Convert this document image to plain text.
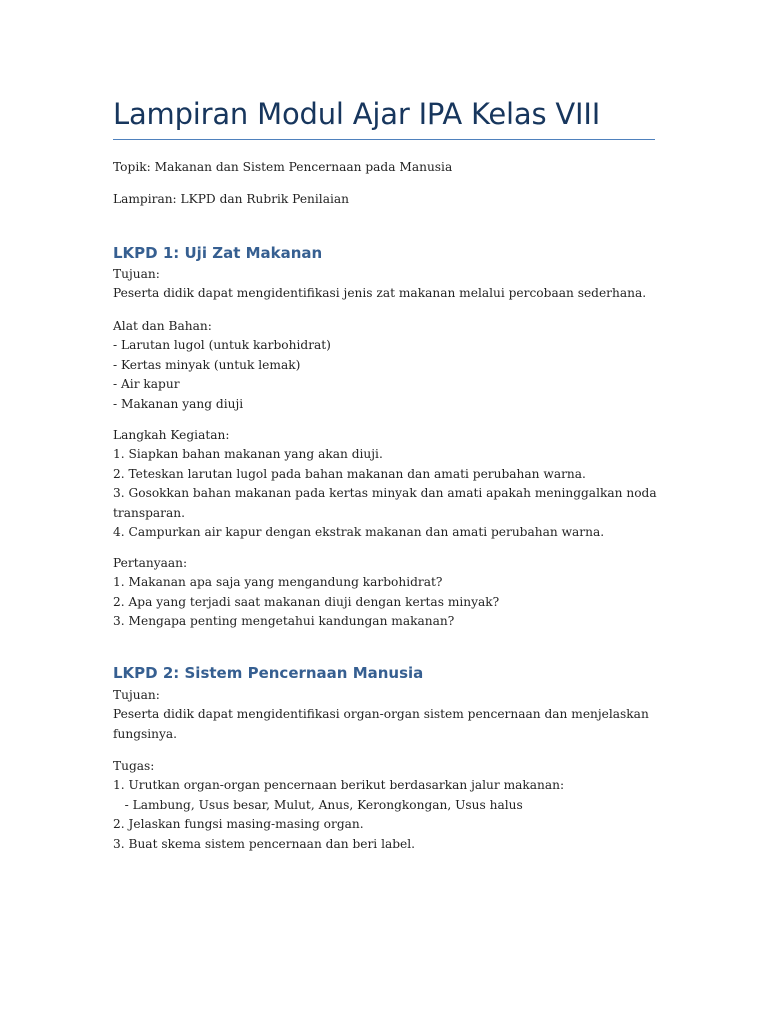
Lampiran Modul Ajar IPA Kelas VIII

Topik: Makanan dan Sistem Pencernaan pada Manusia

Lampiran: LKPD dan Rubrik Penilaian

LKPD 1: Uji Zat Makanan

Tujuan:
Peserta didik dapat mengidentifikasi jenis zat makanan melalui percobaan sederhana.

Alat dan Bahan:
- Larutan lugol (untuk karbohidrat)
- Kertas minyak (untuk lemak)
- Air kapur
- Makanan yang diuji

Langkah Kegiatan:
1. Siapkan bahan makanan yang akan diuji.
2. Teteskan larutan lugol pada bahan makanan dan amati perubahan warna.
3. Gosokkan bahan makanan pada kertas minyak dan amati apakah meninggalkan noda
transparan.
4. Campurkan air kapur dengan ekstrak makanan dan amati perubahan warna.

Pertanyaan:
1. Makanan apa saja yang mengandung karbohidrat?
2. Apa yang terjadi saat makanan diuji dengan kertas minyak?
3. Mengapa penting mengetahui kandungan makanan?

LKPD 2: Sistem Pencernaan Manusia

Tujuan:
Peserta didik dapat mengidentifikasi organ-organ sistem pencernaan dan menjelaskan
fungsinya.

Tugas:
1. Urutkan organ-organ pencernaan berikut berdasarkan jalur makanan:
- Lambung, Usus besar, Mulut, Anus, Kerongkongan, Usus halus
2. Jelaskan fungsi masing-masing organ.
3. Buat skema sistem pencernaan dan beri label.
